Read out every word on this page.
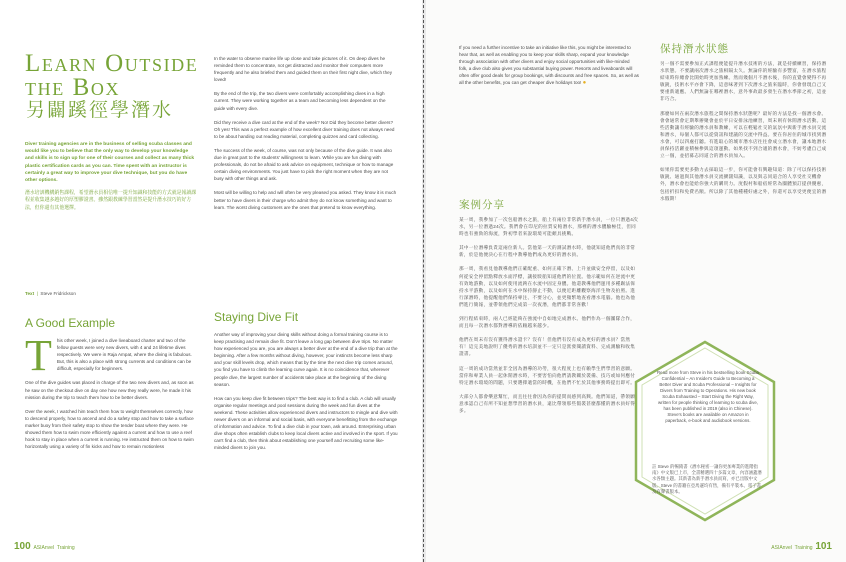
Learn Outside the Box
另闢蹊徑學潛水

Diver training agencies are in the business of selling scuba classes and would like you to believe that the only way to develop your knowledge and skills is to sign up for one of their courses and collect as many thick plastic certification cards as you can. Time spent with an instructor is certainly a great way to improve your dive technique, but you do have other options.

潛水培訓機構銷售課程，希望潛水員相信唯一提升知識和技能的方式就是報讀課程並收集越多越好的厚塑膠證書。雖然跟教練學習當然是提升潛水技巧的好方法，但你還有其他選擇。

Text  |  Steve Fridrickson
A Good Example

T his other week, I joined a dive liveaboard charter and two of the fellow guests were very new divers, with 4 and 24 lifetime dives respectively. We were in Raja Ampat, where the diving is fabulous. But, this is also a place with strong currents and conditions can be difficult, especially for beginners.

One of the dive guides was placed in charge of the two new divers and, as soon as he saw on the checkout dive on day one how new they really were, he made it his mission during the trip to teach them how to be better divers.

Over the week, I watched him teach them how to weight themselves correctly, how to descend properly, how to ascend and do a safety stop and how to take a surface marker buoy from their safety stop to show the tender boat where they were. He showed them how to swim more efficiently against a current and how to use a reef hook to stay in place when a current is running. He instructed them on how to swim horizontally using a variety of fin kicks and how to remain motionless

In the water to observe marine life up close and take pictures of it. On deep dives he reminded them to concentrate, not get distracted and monitor their computers more frequently and he also briefed them and guided them on their first night dive, which they loved!

By the end of the trip, the two divers were comfortably accomplishing dives in a high current. They were working together as a team and becoming less dependent on the guide with every dive.

Did they receive a dive card at the end of the week? No! Did they become better divers? Oh yes! This was a perfect example of how excellent diver training does not always need to be about handing out reading material, completing quizzes and card collecting.

The success of the week, of course, was not only because of the dive guide. It was also due in great part to the students' willingness to learn. While you are fun diving with professionals, do not be afraid to ask advice on equipment, technique or how to manage certain diving environments. You just have to pick the right moment when they are not busy with other things and ask.

Most will be willing to help and will often be very pleased you asked. They know it is much better to have divers in their charge who admit they do not know something and want to learn. The worst diving customers are the ones that pretend to know everything.

Staying Dive Fit

Another way of improving your diving skills without doing a formal training course is to keep practising and remain dive fit. Don't leave a long gap between dive trips. No matter how experienced you are, you are always a better diver at the end of a dive trip than at the beginning. After a few months without diving, however, your instincts become less sharp and your skill levels drop, which means that by the time the next dive trip comes around, you find you have to climb the learning curve again. It is no coincidence that, wherever people dive, the largest number of accidents take place at the beginning of the diving season.

How can you keep dive fit between trips? The best way is to find a club. A club will usually organise regular meetings and pool sessions during the week and fun dives at the weekend. These activities allow experienced divers and instructors to mingle and dive with newer divers on an informal and social basis, with everyone benefitting from the exchange of information and advice. To find a dive club in your town, ask around. Enterprising urban dive shops often establish clubs to keep local divers active and involved in the sport. If you can't find a club, then think about establishing one yourself and recruiting some like-minded divers to join you.

100 ASIAnvel Training

If you need a further incentive to take an initiative like this, you might be interested to hear that, as well as enabling you to keep your skills sharp, expand your knowledge through association with other divers and enjoy social opportunities with like-minded folk, a dive club also gives you substantial buying power. Resorts and liveaboards will often offer good deals for group bookings, with discounts and free spaces. So, as well as all the other benefits, you can get cheaper dive holidays too! ●

案例分享

某一周，我參加了一次包船潛水之旅，船上有兩位非常新手潛水員，一位只潛過4次水，另一位潛過24次。我們會在印尼的拉賈安帕潛水，那裡的潛水體驗極佳，但同時也有強勁的海流，對初學者來說環境可能頗具挑戰。

其中一位潛導負責這兩位新人。當他第一天的測試潛水時，他就知道他們真的非常新，於是他便決心在行程中教導他們成為更好的潛水員。

那一周，我看見他教導他們正確配重、如何正確下潛、上升並做安全停留，以及如何從安全停留點釋放水面浮標，讓接駁船知道他們的位置。他示範如何在逆流中更有效地游動，以及如何使用流鉤在水流中固定身體。他還教導他們運用多種踢法保持水平游動，以及如何在水中保持靜止不動，以便近距離觀察海洋生物及拍照。進行深潛時，他提醒他們保持專注、不要分心，並更頻繁地查看潛水電腦。他也為他們進行簡報，並帶領他們完成第一次夜潛，他們都非常喜歡！

到行程結束時，兩人已經能夠在強流中自如地完成潛水。他們作為一個團隊合作，而且每一次潛水都對潛導的依賴越來越少。

他們在周末有沒有獲得潛水證卡？沒有！但他們有沒有成為更好的潛水員？當然有！這完美地說明了優秀的潛水培訓並不一定只是派發閱讀資料、完成測驗和收集證書。

這一周的成功當然並非全因為潛導的功勞，很大程度上也有賴學生們學習的意願。當你和專業人員一起休閒潛水時，不要害怕向他們請教關於裝備、技巧或如何應付特定潛水環境的問題，只要選擇適當的時機，在他們不忙於其他事務時提出即可。

大部分人都會樂意幫忙，而且往往會因為你的提問而感到高興。他們知道，帶領願意承認自己有所不知並想學習的潛水員，遠比帶領那些假裝甚麼都懂的潛水員好得多。

保持潛水狀態

另一個不需要參加正式課程便能提升潛水技術的方法，就是持續練習，保持潛水狀態。不要讓兩次潛水之旅相隔太久。無論你的經驗有多豐富，在潛水旅程結束時你總會比開始時更加熟練。然而幾個月不潛水後，你的直覺會變得不再敏銳，技術水平亦會下降，這意味著到下次潛水之旅來臨時，你會發現自己又要重新適應。人們無論在哪裡潛水，意外事故最多發生在潛水季節之初，這並非巧合。

那麼如何在兩次潛水旅程之間保持潛水狀態呢？最好的方法是找一個潛水會。會會通常會定期舉辦聚會並於平日安排泳池練習，周末則有休閒潛水活動。這些活動讓有經驗的潛水員和教練，可以在輕鬆社交的氣氛中與新手潛水員交流和潛水，每個人都可以從資訊和建議的交流中得益。要在你居住的城市找到潛水會，可以四處打聽。有進取心的城市潛水店往往會成立潛水會，讓本地潛水員保持活躍並積極參與這項運動。如果找不到合適的潛水會，不妨考慮自己成立一個，並招募志同道合的潛水員加入。

如果你需要更多動力去採取這一步，你可能會有興趣知道：除了可以保持技術敏銳、通過與其他潛水員交流擴闊知識，以及與志同道合的人享受社交機會外，潛水會也能給你強大的購買力。度假村和船宿經常為團體預訂提供優惠，包括折扣和免費名額。所以除了其他種種好處之外，你還可以享受更便宜的潛水假期！

ASIAnvel Training 101
Read more from Steve in his bestselling book Scuba Confidential – An Insider's Guide to Becoming a Better Diver and Scuba Professional – Insights for Divers from Training to Operations. His new book Scuba Exhausted – Start Diving the Right Way, written for people thinking of learning to scuba dive, has been published in 2019 (also in Chinese). Steve's books are available on Amazon in paperback, e-book and audiobook versions.
註 Steve 的暢銷書《潛水秘密一讓你更加專業的進階指南》中文版已上市，全書精選四十多篇文章，內容涵蓋潛水各類主題。其新書為新手潛水員而寫，亦已出版中文版。Steve 的書籍在亞馬遜均有售，備有平裝本、電子書及有聲書版本。
